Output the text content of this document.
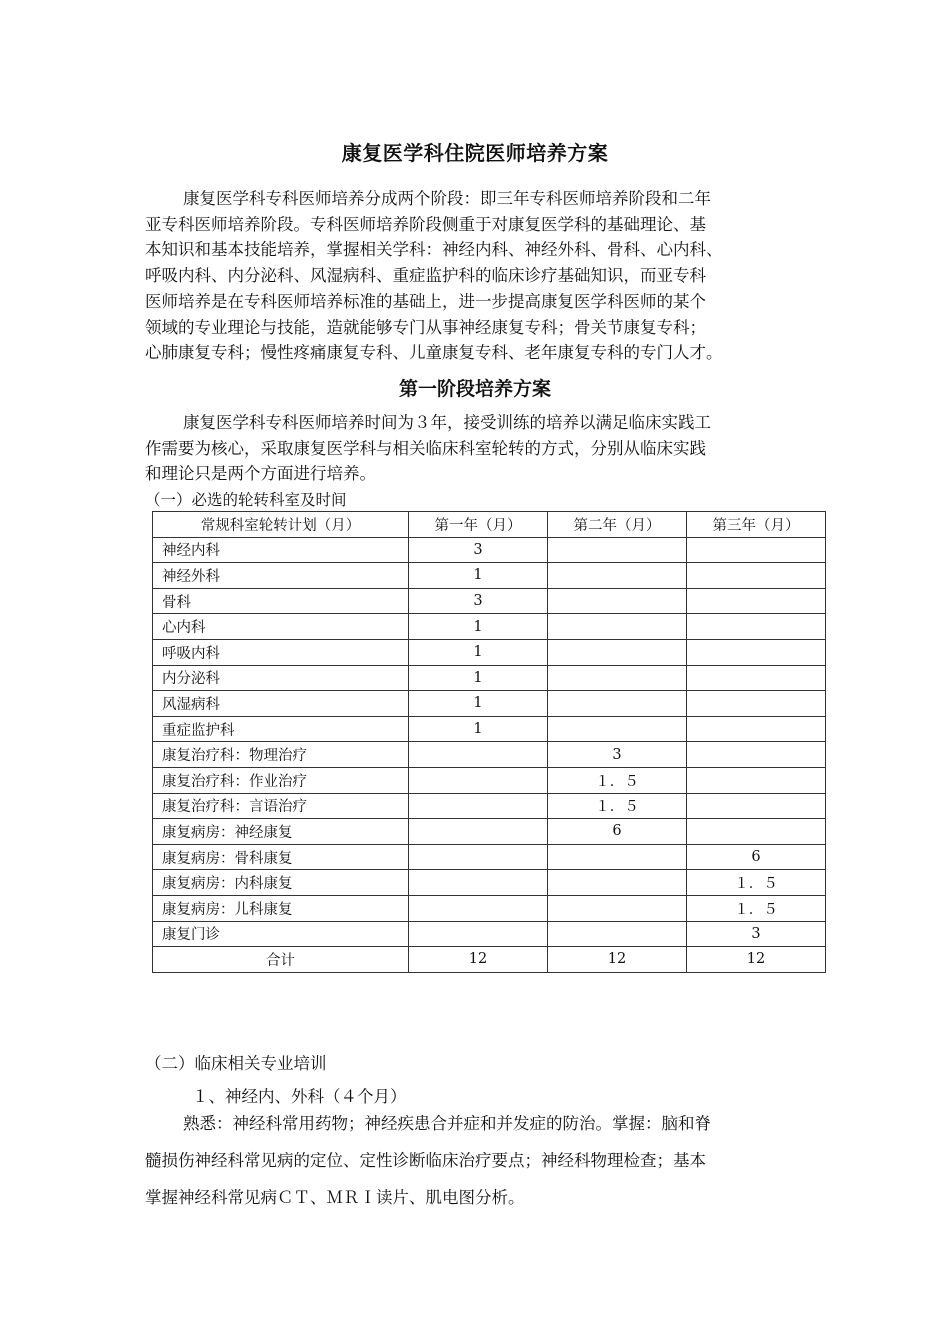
康复医学科住院医师培养方案
康复医学科专科医师培养分成两个阶段：即三年专科医师培养阶段和二年
亚专科医师培养阶段。专科医师培养阶段侧重于对康复医学科的基础理论、基
本知识和基本技能培养，掌握相关学科：神经内科、神经外科、骨科、心内科、
呼吸内科、内分泌科、风湿病科、重症监护科的临床诊疗基础知识，而亚专科
医师培养是在专科医师培养标准的基础上，进一步提高康复医学科医师的某个
领域的专业理论与技能，造就能够专门从事神经康复专科；骨关节康复专科；
心肺康复专科；慢性疼痛康复专科、儿童康复专科、老年康复专科的专门人才。
第一阶段培养方案
康复医学科专科医师培养时间为３年，接受训练的培养以满足临床实践工
作需要为核心，采取康复医学科与相关临床科室轮转的方式，分别从临床实践
和理论只是两个方面进行培养。
（一）必选的轮转科室及时间
常规科室轮转计划（月）	第一年（月）	第二年（月）	第三年（月）
神经内科	3		
神经外科	1		
骨科	3		
心内科	1		
呼吸内科	1		
内分泌科	1		
风湿病科	1		
重症监护科	1		
康复治疗科：物理治疗		3	
康复治疗科：作业治疗		１．５	
康复治疗科：言语治疗		１．５	
康复病房：神经康复		6	
康复病房：骨科康复			6
康复病房：内科康复			１．５
康复病房：儿科康复			１．５
康复门诊			3
合计	12	12	12
（二）临床相关专业培训
１、神经内、外科（４个月）
熟悉：神经科常用药物；神经疾患合并症和并发症的防治。掌握：脑和脊
髓损伤神经科常见病的定位、定性诊断临床治疗要点；神经科物理检查；基本
掌握神经科常见病ＣＴ、ＭＲＩ读片、肌电图分析。
